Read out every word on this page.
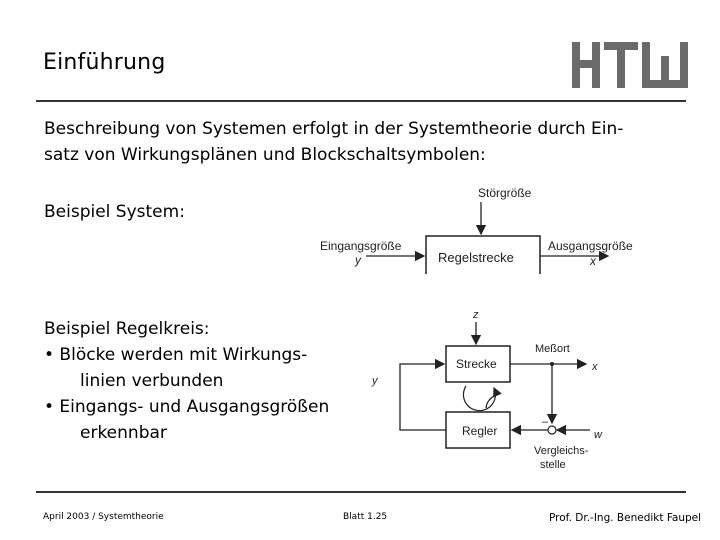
Einführung
Beschreibung von Systemen erfolgt in der Systemtheorie durch Ein-
satz von Wirkungsplänen und Blockschaltsymbolen:
Beispiel System:
Störgröße
Regelstrecke
Eingangsgröße
y
Ausgangsgröße
x
Beispiel Regelkreis:
• Blöcke werden mit Wirkungs-
linien verbunden
• Eingangs- und Ausgangsgrößen
erkennbar
z
Strecke
Meßort
x
–
w
Regler
y
Vergleichs-
stelle
April 2003 / Systemtheorie	Blatt 1.25	Prof. Dr.-Ing. Benedikt Faupel
